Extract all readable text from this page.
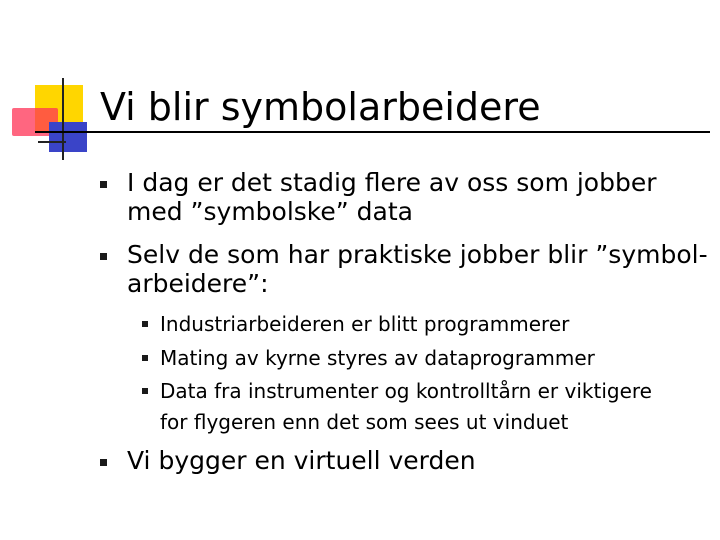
Vi blir symbolarbeidere
I dag er det stadig flere av oss som jobber
med ”symbolske” data
Selv de som har praktiske jobber blir ”symbol-
arbeidere”:
Industriarbeideren er blitt programmerer
Mating av kyrne styres av dataprogrammer
Data fra instrumenter og kontrolltårn er viktigere
for flygeren enn det som sees ut vinduet
Vi bygger en virtuell verden
